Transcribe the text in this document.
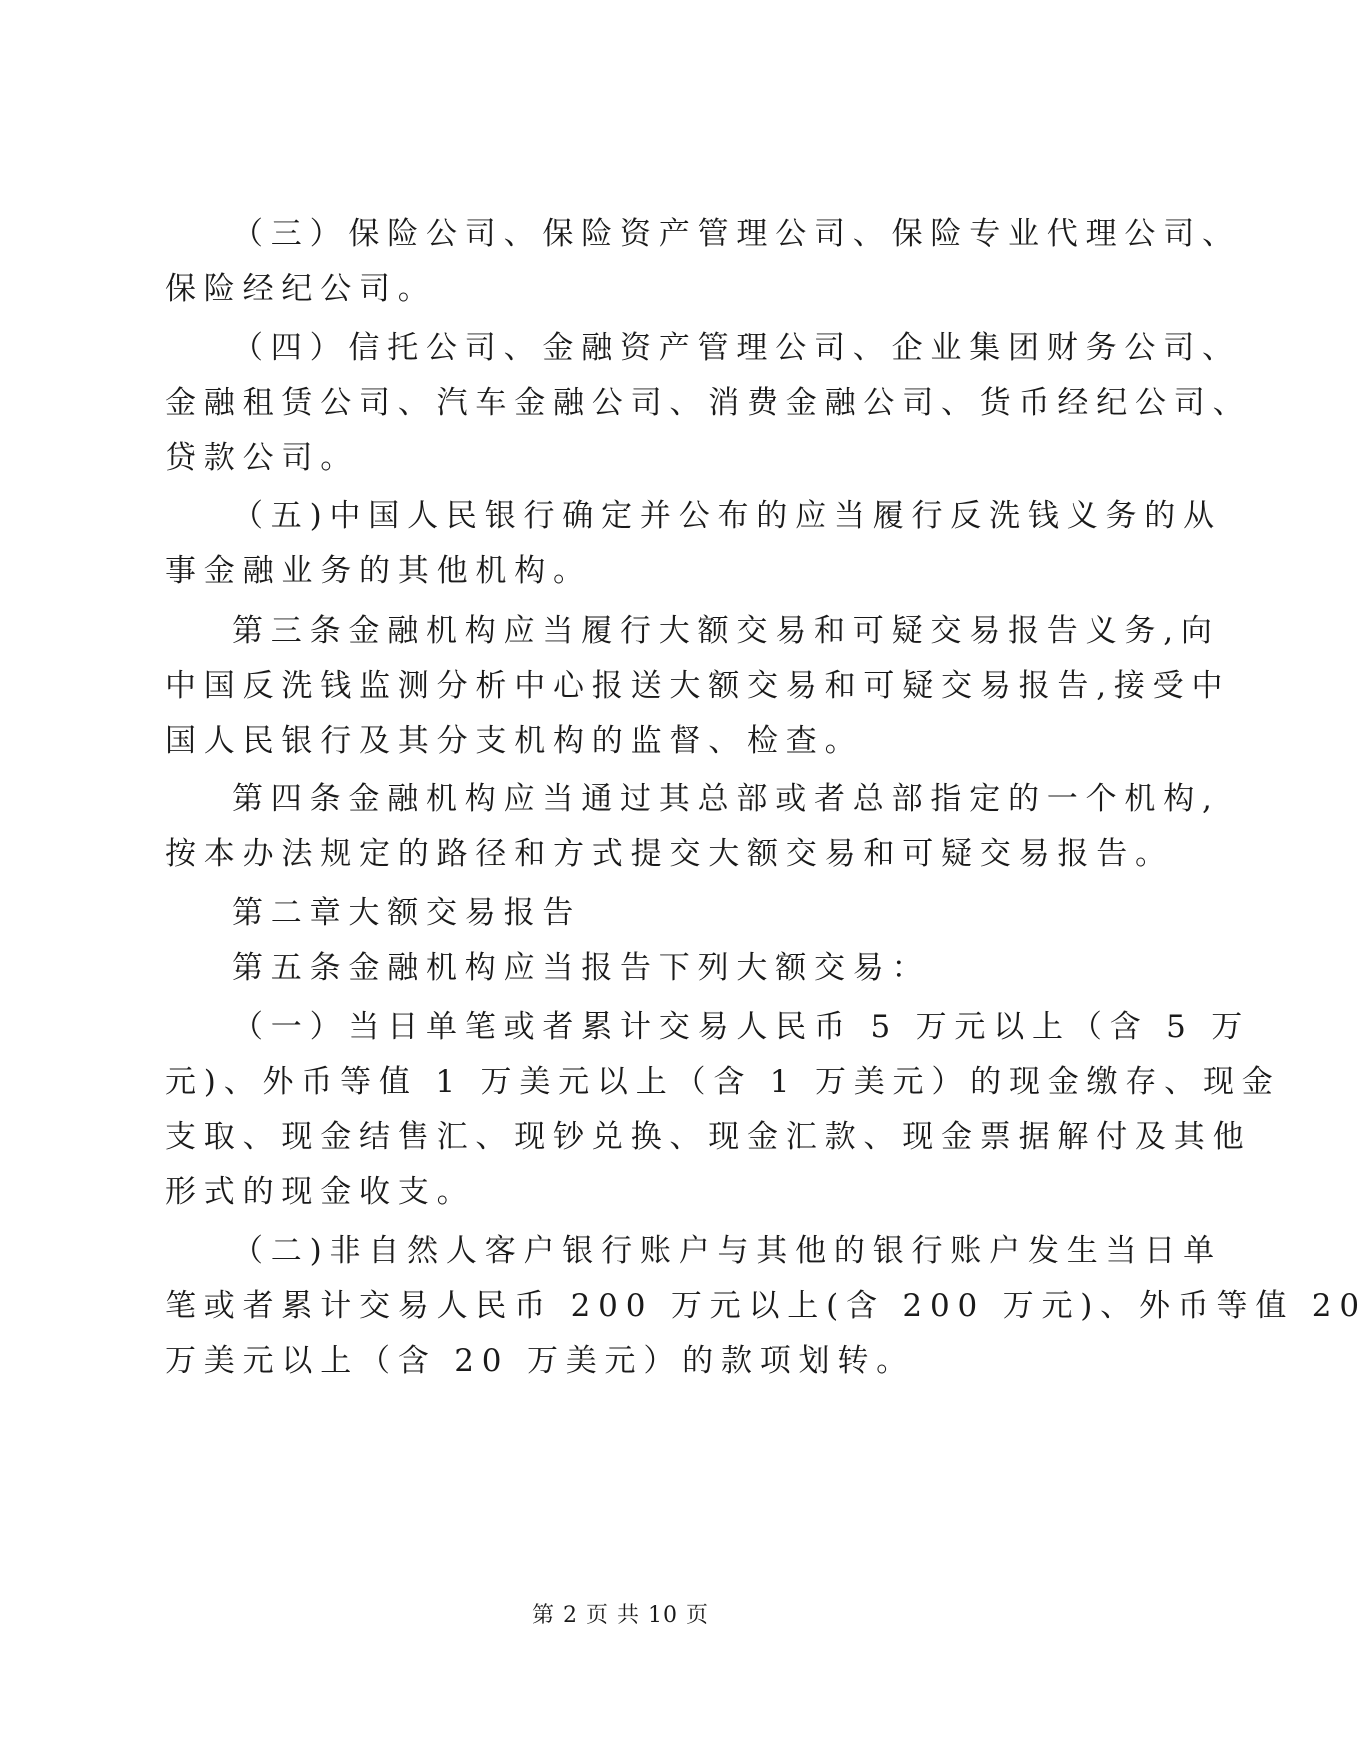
（三）保险公司、保险资产管理公司、保险专业代理公司、
保险经纪公司。
（四）信托公司、金融资产管理公司、企业集团财务公司、
金融租赁公司、汽车金融公司、消费金融公司、货币经纪公司、
贷款公司。
（五)中国人民银行确定并公布的应当履行反洗钱义务的从
事金融业务的其他机构。
第三条金融机构应当履行大额交易和可疑交易报告义务,向
中国反洗钱监测分析中心报送大额交易和可疑交易报告,接受中
国人民银行及其分支机构的监督、检查。
第四条金融机构应当通过其总部或者总部指定的一个机构,
按本办法规定的路径和方式提交大额交易和可疑交易报告。
第二章大额交易报告
第五条金融机构应当报告下列大额交易：
（一）当日单笔或者累计交易人民币 5 万元以上（含 5 万
元)、外币等值 1 万美元以上（含 1 万美元）的现金缴存、现金
支取、现金结售汇、现钞兑换、现金汇款、现金票据解付及其他
形式的现金收支。
（二)非自然人客户银行账户与其他的银行账户发生当日单
笔或者累计交易人民币 200 万元以上(含 200 万元)、外币等值 20
万美元以上（含 20 万美元）的款项划转。
第 2 页 共 10 页
